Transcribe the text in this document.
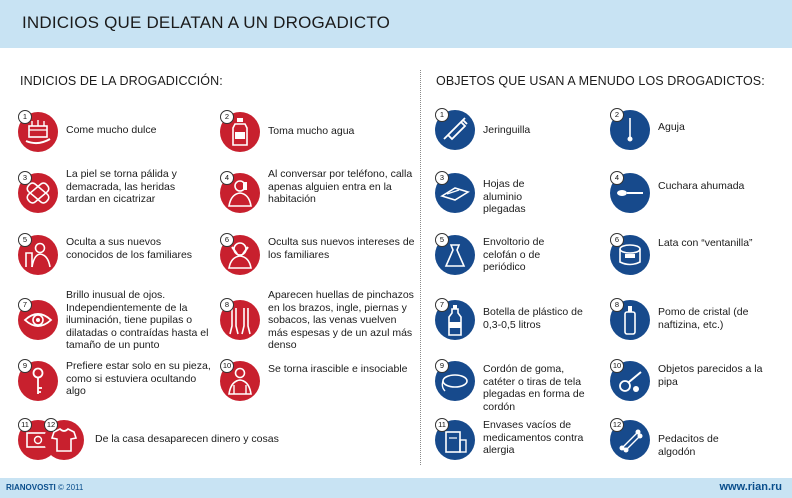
INDICIOS QUE DELATAN A UN DROGADICTO
INDICIOS DE LA DROGADICCIÓN:	OBJETOS QUE USAN A MENUDO LOS DROGADICTOS:
1
Come mucho dulce
2
Toma mucho agua
3	La piel se torna pálida y demacrada, las heridas tardan en cicatrizar
4	Al conversar por teléfono, calla apenas alguien entra en la habitación
5	Oculta a sus nuevos conocidos de los familiares
6	Oculta sus nuevos intereses de los familiares
7
Brillo inusual de ojos. Independientemente de la iluminación, tiene pupilas o dilatadas o contraídas hasta el tamaño de un punto
8
Aparecen huellas de pinchazos en los brazos, ingle, piernas y sobacos, las venas vuelven más espesas y de un azul más denso
9	Prefiere estar solo en su pieza, como si estuviera ocultando algo
10	Se torna irascible e insociable
11	12
De la casa desaparecen dinero y cosas
1
Jeringuilla
2
Aguja
3
Hojas de aluminio plegadas
4
Cuchara ahumada
5	Envoltorio de celofán o de periódico
6	Lata con “ventanilla”
7
Botella de plástico de 0,3-0,5 litros
8
Pomo de cristal (de naftizina, etc.)
9	Cordón de goma, catéter o tiras de tela plegadas en forma de cordón
10	Objetos parecidos a la pipa
11	Envases vacíos de medicamentos contra alergia
12
Pedacitos de algodón
RIANOVOSTI © 2011	www.rian.ru
